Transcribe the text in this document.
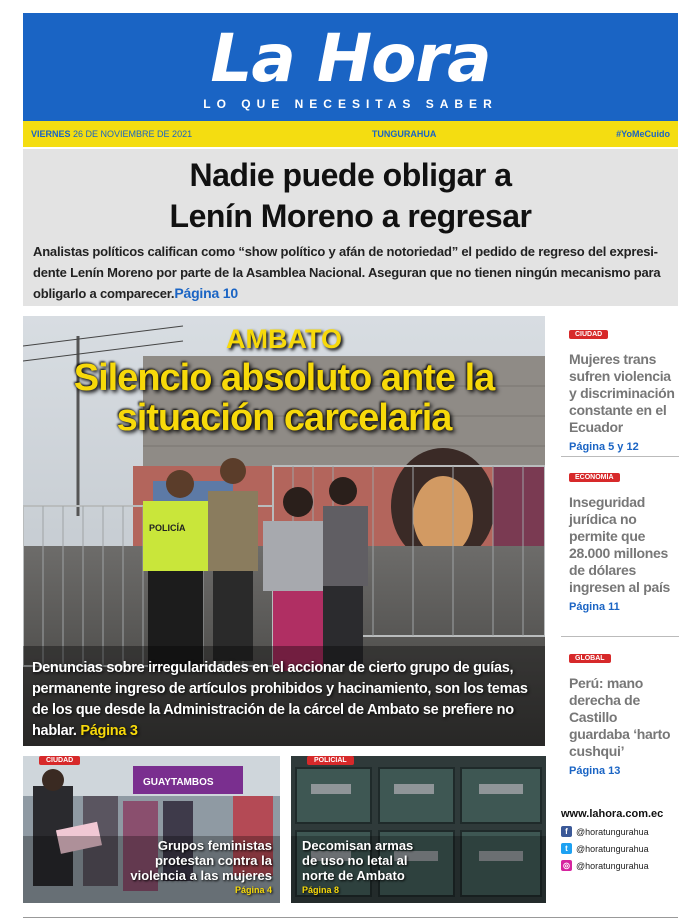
La Hora
LO QUE NECESITAS SABER
VIERNES 26 DE NOVIEMBRE DE 2021	TUNGURAHUA	#YoMeCuido
Nadie puede obligar a
Lenín Moreno a regresar
Analistas políticos califican como “show político y afán de notoriedad” el pedido de regreso del expresi-dente Lenín Moreno por parte de la Asamblea Nacional. Aseguran que no tienen ningún mecanismo para obligarlo a comparecer.Página 10
POLICÍA
AMBATO
Silencio absoluto ante la
situación carcelaria
Denuncias sobre irregularidades en el accionar de cierto grupo de guías, permanente ingreso de artículos prohibidos y hacinamiento, son los temas de los que desde la Administración de la cárcel de Ambato se prefiere no hablar. Página 3
CIUDAD
Mujeres trans sufren violencia y discriminación constante en el Ecuador
Página 5 y 12
ECONOMÍA
Inseguridad jurídica no permite que 28.000 millones de dólares ingresen al país
Página 11
GLOBAL
Perú: mano derecha de Castillo guardaba ‘harto cushqui’
Página 13
GUAYTAMBOS
CIUDAD
Grupos feministas
protestan contra la
violencia a las mujeres
Página 4
POLICIAL
Decomisan armas
de uso no letal al
norte de Ambato
Página 8
www.lahora.com.ec
f @horatungurahua
t @horatungurahua
◎ @horatungurahua
